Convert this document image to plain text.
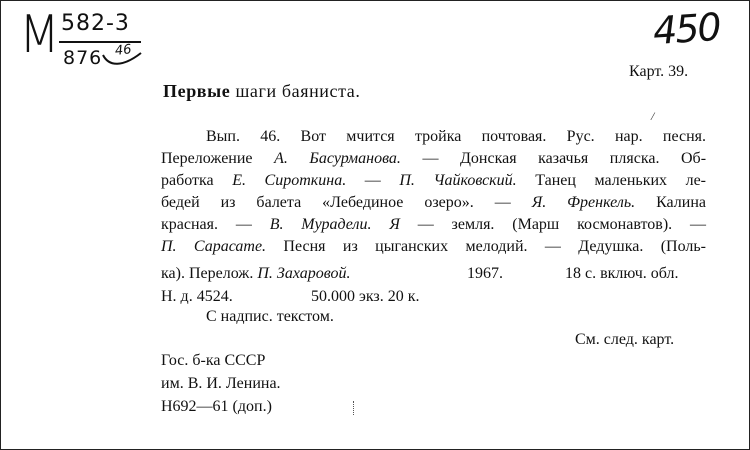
M 582-3
876 46	450
Карт. 39.
Первые шаги баяниста.
/
Вып. 46. Вот мчится тройка почтовая. Рус. нар. песня.
Переложение А. Басурманова. — Донская казачья пляска. Об-
работка Е. Сироткина. — П. Чайковский. Танец маленьких ле-
бедей из балета «Лебединое озеро». — Я. Френкель. Калина
красная. — В. Мурадели. Я — земля. (Марш космонавтов). —
П. Сарасате. Песня из цыганских мелодий. — Дедушка. (Поль-
ка). Перелож. П. Захаровой.	1967.	18 с. включ. обл.
Н. д. 4524.	50.000 экз. 20 к.
С надпис. текстом.
См. след. карт.
Гос. б-ка СССР
им. В. И. Ленина.
Н692—61 (доп.)
